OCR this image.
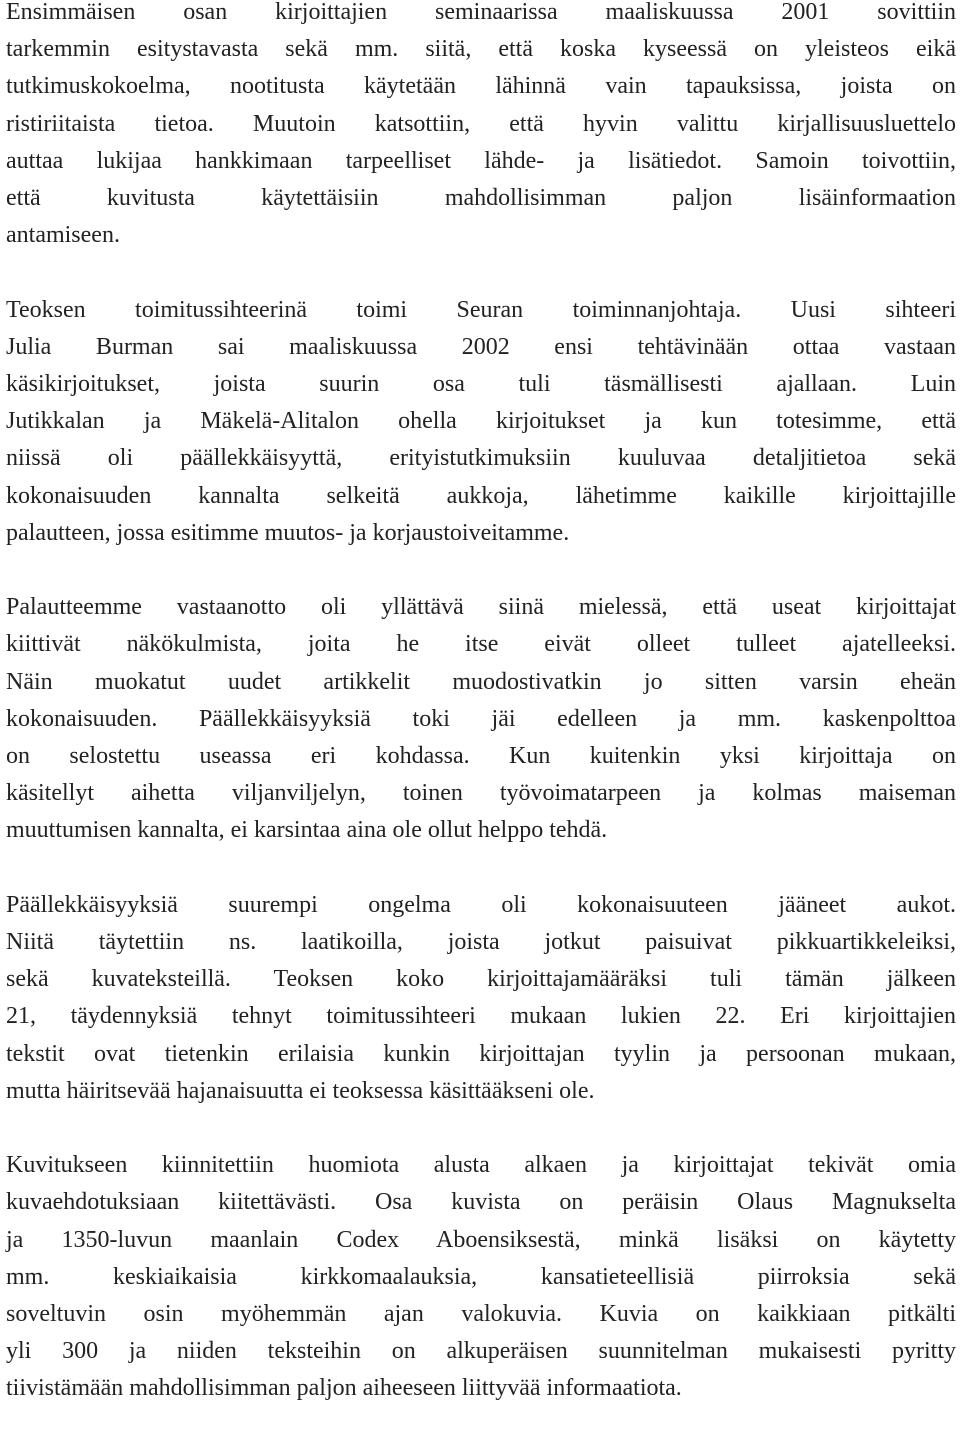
Ensimmäisen osan kirjoittajien seminaarissa maaliskuussa 2001 sovittiin
tarkemmin esitystavasta sekä mm. siitä, että koska kyseessä on yleisteos eikä
tutkimuskokoelma, nootitusta käytetään lähinnä vain tapauksissa, joista on
ristiriitaista tietoa. Muutoin katsottiin, että hyvin valittu kirjallisuusluettelo
auttaa lukijaa hankkimaan tarpeelliset lähde- ja lisätiedot. Samoin toivottiin,
että kuvitusta käytettäisiin mahdollisimman paljon lisäinformaation
antamiseen.

Teoksen toimitussihteerinä toimi Seuran toiminnanjohtaja. Uusi sihteeri
Julia Burman sai maaliskuussa 2002 ensi tehtävinään ottaa vastaan
käsikirjoitukset, joista suurin osa tuli täsmällisesti ajallaan. Luin
Jutikkalan ja Mäkelä-Alitalon ohella kirjoitukset ja kun totesimme, että
niissä oli päällekkäisyyttä, erityistutkimuksiin kuuluvaa detaljitietoa sekä
kokonaisuuden kannalta selkeitä aukkoja, lähetimme kaikille kirjoittajille
palautteen, jossa esitimme muutos- ja korjaustoiveitamme.

Palautteemme vastaanotto oli yllättävä siinä mielessä, että useat kirjoittajat
kiittivät näkökulmista, joita he itse eivät olleet tulleet ajatelleeksi.
Näin muokatut uudet artikkelit muodostivatkin jo sitten varsin eheän
kokonaisuuden. Päällekkäisyyksiä toki jäi edelleen ja mm. kaskenpolttoa
on selostettu useassa eri kohdassa. Kun kuitenkin yksi kirjoittaja on
käsitellyt aihetta viljanviljelyn, toinen työvoimatarpeen ja kolmas maiseman
muuttumisen kannalta, ei karsintaa aina ole ollut helppo tehdä.

Päällekkäisyyksiä suurempi ongelma oli kokonaisuuteen jääneet aukot.
Niitä täytettiin ns. laatikoilla, joista jotkut paisuivat pikkuartikkeleiksi,
sekä kuvateksteillä. Teoksen koko kirjoittajamääräksi tuli tämän jälkeen
21, täydennyksiä tehnyt toimitussihteeri mukaan lukien 22. Eri kirjoittajien
tekstit ovat tietenkin erilaisia kunkin kirjoittajan tyylin ja persoonan mukaan,
mutta häiritsevää hajanaisuutta ei teoksessa käsittääkseni ole.

Kuvitukseen kiinnitettiin huomiota alusta alkaen ja kirjoittajat tekivät omia
kuvaehdotuksiaan kiitettävästi. Osa kuvista on peräisin Olaus Magnukselta
ja 1350-luvun maanlain Codex Aboensiksestä, minkä lisäksi on käytetty
mm. keskiaikaisia kirkkomaalauksia, kansatieteellisiä piirroksia sekä
soveltuvin osin myöhemmän ajan valokuvia. Kuvia on kaikkiaan pitkälti
yli 300 ja niiden teksteihin on alkuperäisen suunnitelman mukaisesti pyritty
tiivistämään mahdollisimman paljon aiheeseen liittyvää informaatiota.
